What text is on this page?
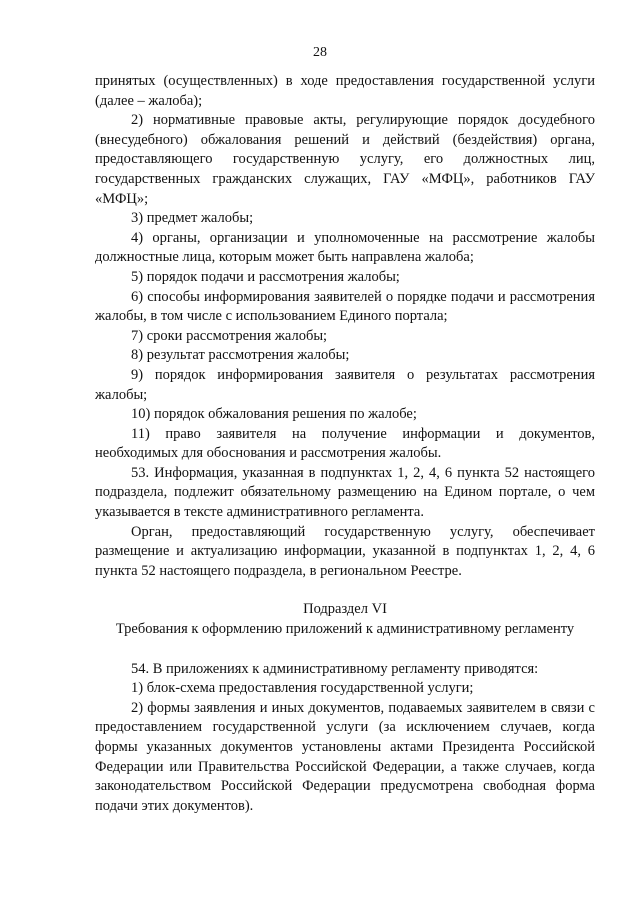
28

принятых (осуществленных) в ходе предоставления государственной услуги (далее – жалоба);

2) нормативные правовые акты, регулирующие порядок досудебного (внесудебного) обжалования решений и действий (бездействия) органа, предоставляющего государственную услугу, его должностных лиц, государственных гражданских служащих, ГАУ «МФЦ», работников ГАУ «МФЦ»;

3) предмет жалобы;

4) органы, организации и уполномоченные на рассмотрение жалобы должностные лица, которым может быть направлена жалоба;

5) порядок подачи и рассмотрения жалобы;

6) способы информирования заявителей о порядке подачи и рассмотрения жалобы, в том числе с использованием Единого портала;

7) сроки рассмотрения жалобы;

8) результат рассмотрения жалобы;

9) порядок информирования заявителя о результатах рассмотрения жалобы;

10) порядок обжалования решения по жалобе;

11) право заявителя на получение информации и документов, необходимых для обоснования и рассмотрения жалобы.

53. Информация, указанная в подпунктах 1, 2, 4, 6 пункта 52 настоящего подраздела, подлежит обязательному размещению на Едином портале, о чем указывается в тексте административного регламента.

Орган, предоставляющий государственную услугу, обеспечивает размещение и актуализацию информации, указанной в подпунктах 1, 2, 4, 6 пункта 52 настоящего подраздела, в региональном Реестре.

Подраздел VI

Требования к оформлению приложений к административному регламенту

54. В приложениях к административному регламенту приводятся:

1) блок-схема предоставления государственной услуги;

2) формы заявления и иных документов, подаваемых заявителем в связи с предоставлением государственной услуги (за исключением случаев, когда формы указанных документов установлены актами Президента Российской Федерации или Правительства Российской Федерации, а также случаев, когда законодательством Российской Федерации предусмотрена свободная форма подачи этих документов).
